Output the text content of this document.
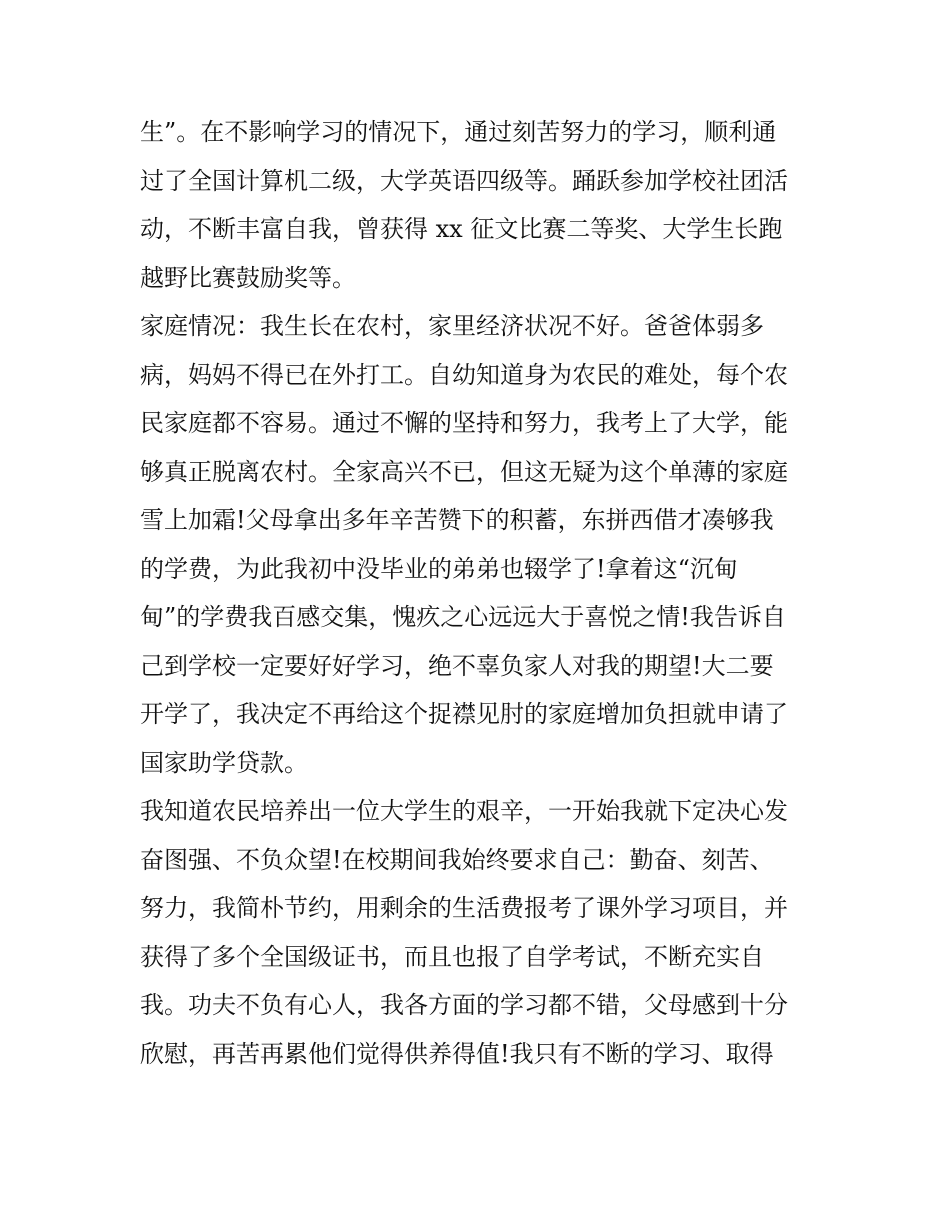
生”。在不影响学习的情况下，通过刻苦努力的学习，顺利通
过了全国计算机二级，大学英语四级等。踊跃参加学校社团活
动，不断丰富自我，曾获得 xx 征文比赛二等奖、大学生长跑
越野比赛鼓励奖等。
家庭情况：我生长在农村，家里经济状况不好。爸爸体弱多
病，妈妈不得已在外打工。自幼知道身为农民的难处，每个农
民家庭都不容易。通过不懈的坚持和努力，我考上了大学，能
够真正脱离农村。全家高兴不已，但这无疑为这个单薄的家庭
雪上加霜!父母拿出多年辛苦赞下的积蓄，东拼西借才凑够我
的学费，为此我初中没毕业的弟弟也辍学了!拿着这“沉甸
甸”的学费我百感交集，愧疚之心远远大于喜悦之情!我告诉自
己到学校一定要好好学习，绝不辜负家人对我的期望!大二要
开学了，我决定不再给这个捉襟见肘的家庭增加负担就申请了
国家助学贷款。
我知道农民培养出一位大学生的艰辛，一开始我就下定决心发
奋图强、不负众望!在校期间我始终要求自己：勤奋、刻苦、
努力，我简朴节约，用剩余的生活费报考了课外学习项目，并
获得了多个全国级证书，而且也报了自学考试，不断充实自
我。功夫不负有心人，我各方面的学习都不错，父母感到十分
欣慰，再苦再累他们觉得供养得值!我只有不断的学习、取得
